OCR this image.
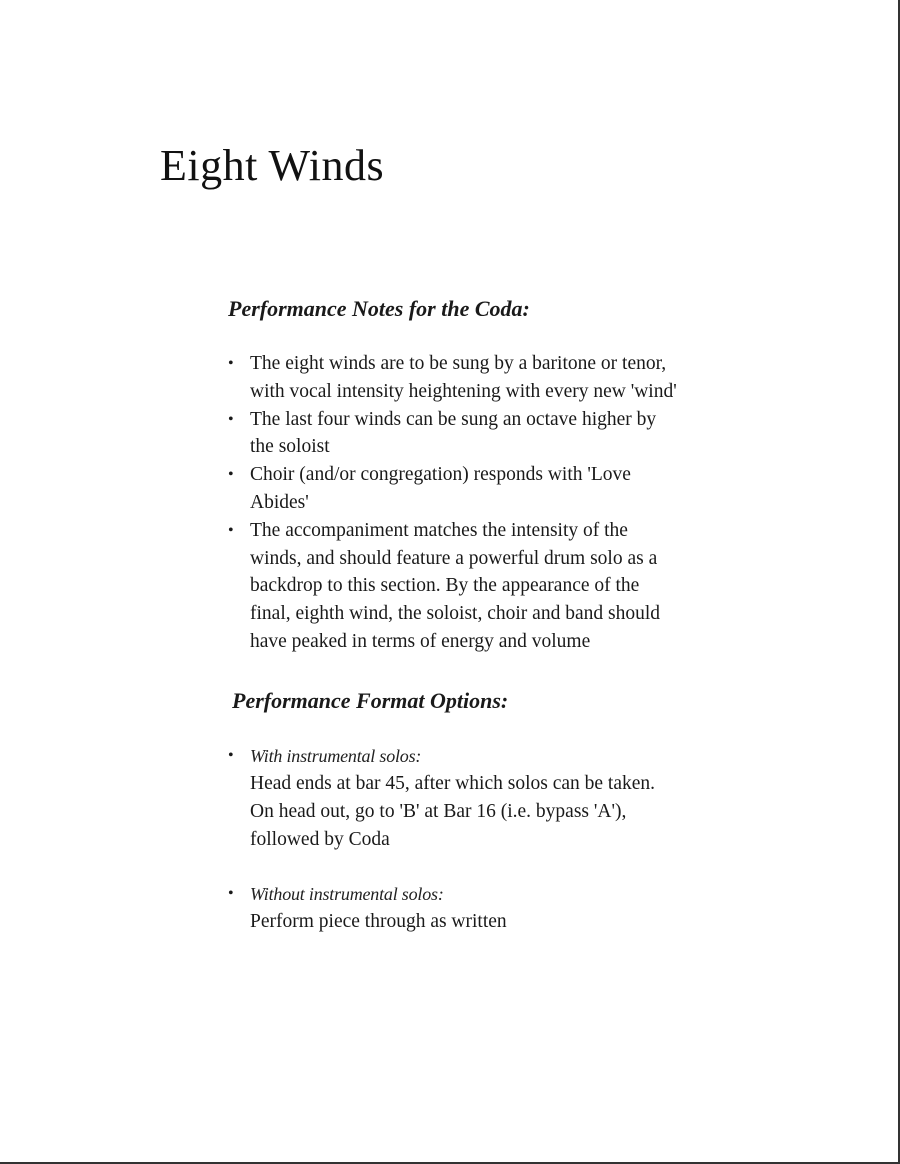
Eight Winds
Performance Notes for the Coda:
• The eight winds are to be sung by a baritone or tenor, with vocal intensity heightening with every new 'wind'
• The last four winds can be sung an octave higher by the soloist
• Choir (and/or congregation) responds with 'Love Abides'
• The accompaniment matches the intensity of the winds, and should feature a powerful drum solo as a backdrop to this section. By the appearance of the final, eighth wind, the soloist, choir and band should have peaked in terms of energy and volume
Performance Format Options:
• With instrumental solos:
Head ends at bar 45, after which solos can be taken. On head out, go to 'B' at Bar 16 (i.e. bypass 'A'), followed by Coda
• Without instrumental solos:
Perform piece through as written
